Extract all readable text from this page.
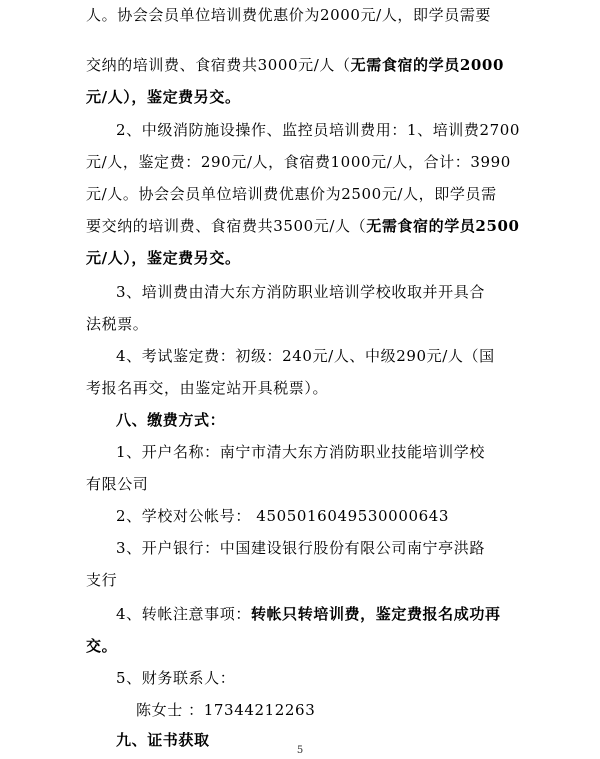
人。协会会员单位培训费优惠价为2000元/人，即学员需要
交纳的培训费、食宿费共3000元/人（无需食宿的学员2000
元/人），鉴定费另交。
2、中级消防施设操作、监控员培训费用：1、培训费2700
元/人，鉴定费：290元/人，食宿费1000元/人，合计：3990
元/人。协会会员单位培训费优惠价为2500元/人，即学员需
要交纳的培训费、食宿费共3500元/人（无需食宿的学员2500
元/人），鉴定费另交。
3、培训费由清大东方消防职业培训学校收取并开具合
法税票。
4、考试鉴定费：初级：240元/人、中级290元/人（国
考报名再交，由鉴定站开具税票）。
八、缴费方式：
1、开户名称：南宁市清大东方消防职业技能培训学校
有限公司
2、学校对公帐号： 4505016049530000643
3、开户银行：中国建设银行股份有限公司南宁亭洪路
支行
4、转帐注意事项：转帐只转培训费，鉴定费报名成功再
交。
5、财务联系人：
陈女士 ：17344212263
九、证书获取
5
